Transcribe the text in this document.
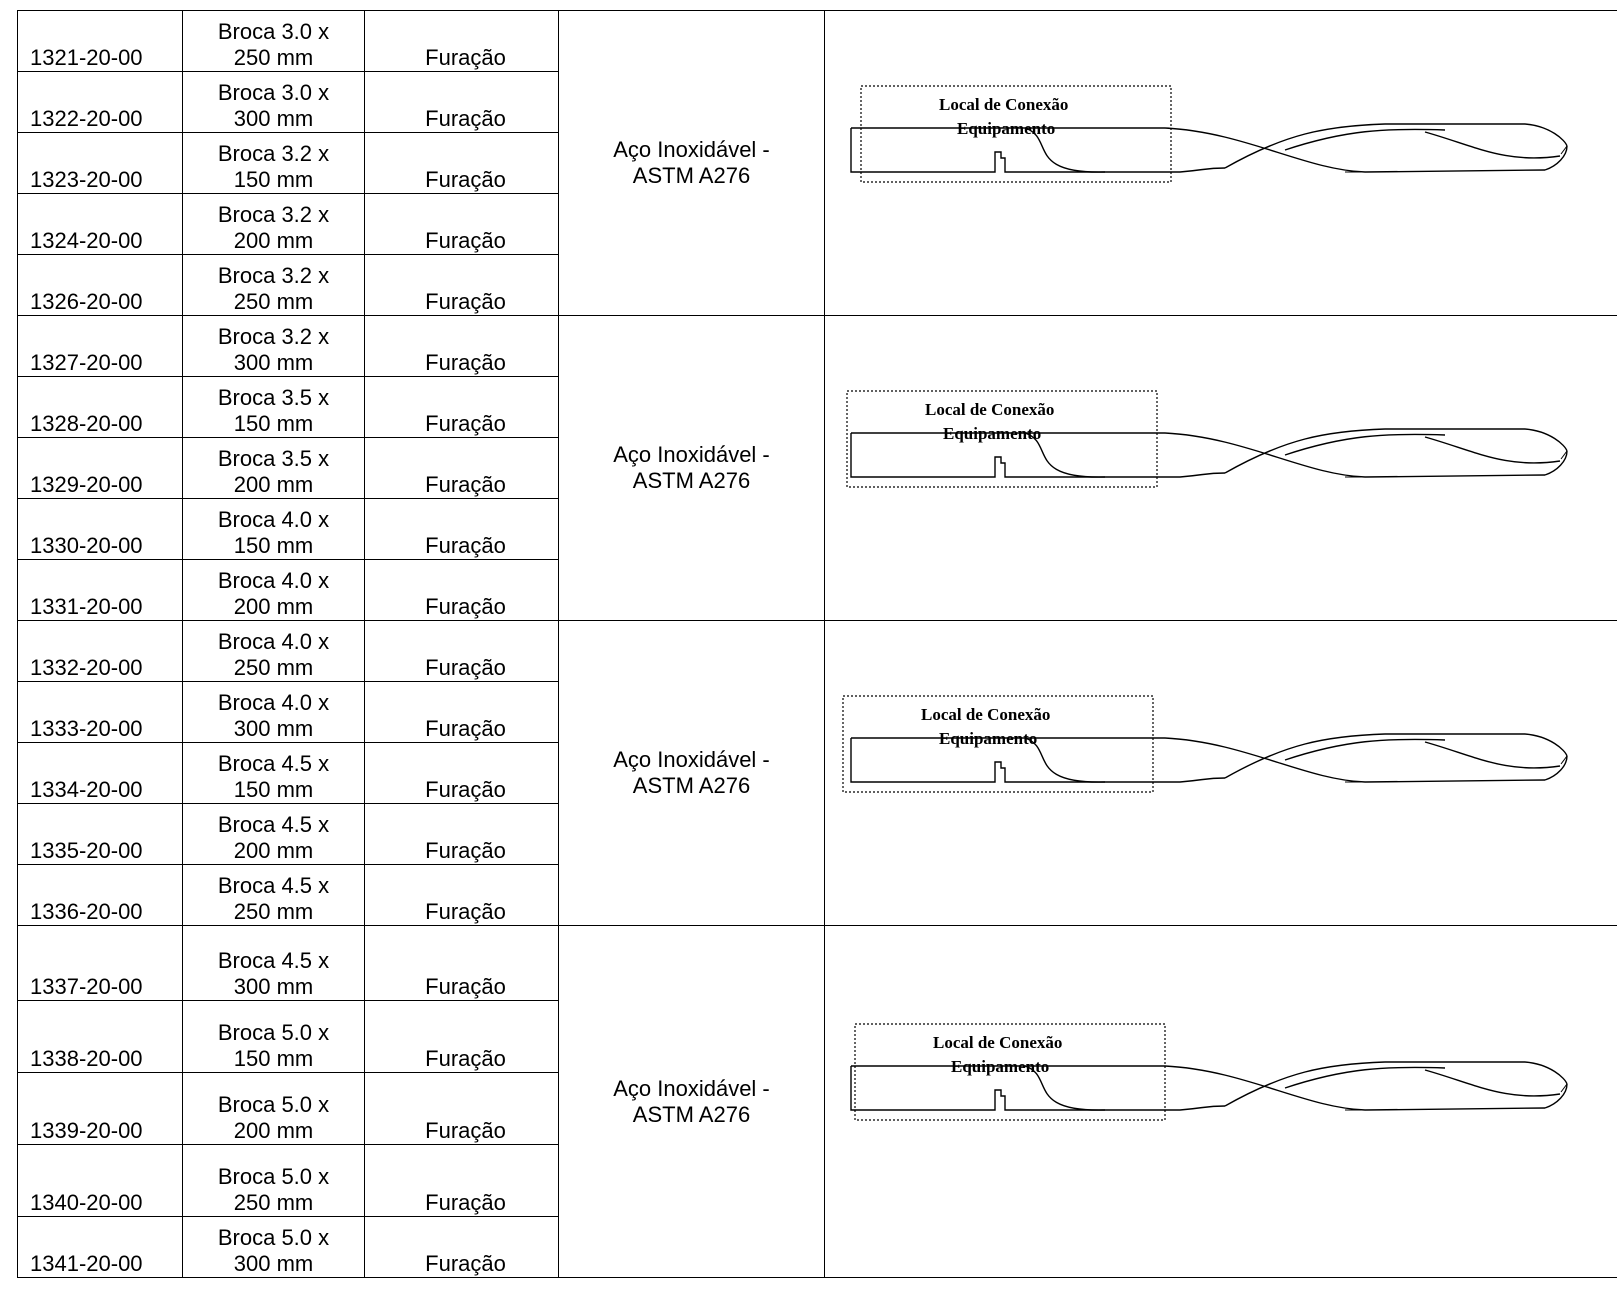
1321-20-00	Broca 3.0 x
250 mm	Furação	Aço Inoxidável -
ASTM A276	Local de Conexão
Equipamento

1322-20-00	Broca 3.0 x
300 mm	Furação		
1323-20-00	Broca 3.2 x
150 mm	Furação		
1324-20-00	Broca 3.2 x
200 mm	Furação		
1326-20-00	Broca 3.2 x
250 mm	Furação		
1327-20-00	Broca 3.2 x
300 mm	Furação	Aço Inoxidável -
ASTM A276	Local de Conexão
Equipamento

1328-20-00	Broca 3.5 x
150 mm	Furação		
1329-20-00	Broca 3.5 x
200 mm	Furação		
1330-20-00	Broca 4.0 x
150 mm	Furação		
1331-20-00	Broca 4.0 x
200 mm	Furação		
1332-20-00	Broca 4.0 x
250 mm	Furação	Aço Inoxidável -
ASTM A276	Local de Conexão
Equipamento

1333-20-00	Broca 4.0 x
300 mm	Furação		
1334-20-00	Broca 4.5 x
150 mm	Furação		
1335-20-00	Broca 4.5 x
200 mm	Furação		
1336-20-00	Broca 4.5 x
250 mm	Furação		
1337-20-00	Broca 4.5 x
300 mm	Furação	Aço Inoxidável -
ASTM A276	Local de Conexão
Equipamento

1338-20-00	Broca 5.0 x
150 mm	Furação		
1339-20-00	Broca 5.0 x
200 mm	Furação		
1340-20-00	Broca 5.0 x
250 mm	Furação		
1341-20-00	Broca 5.0 x
300 mm	Furação		
